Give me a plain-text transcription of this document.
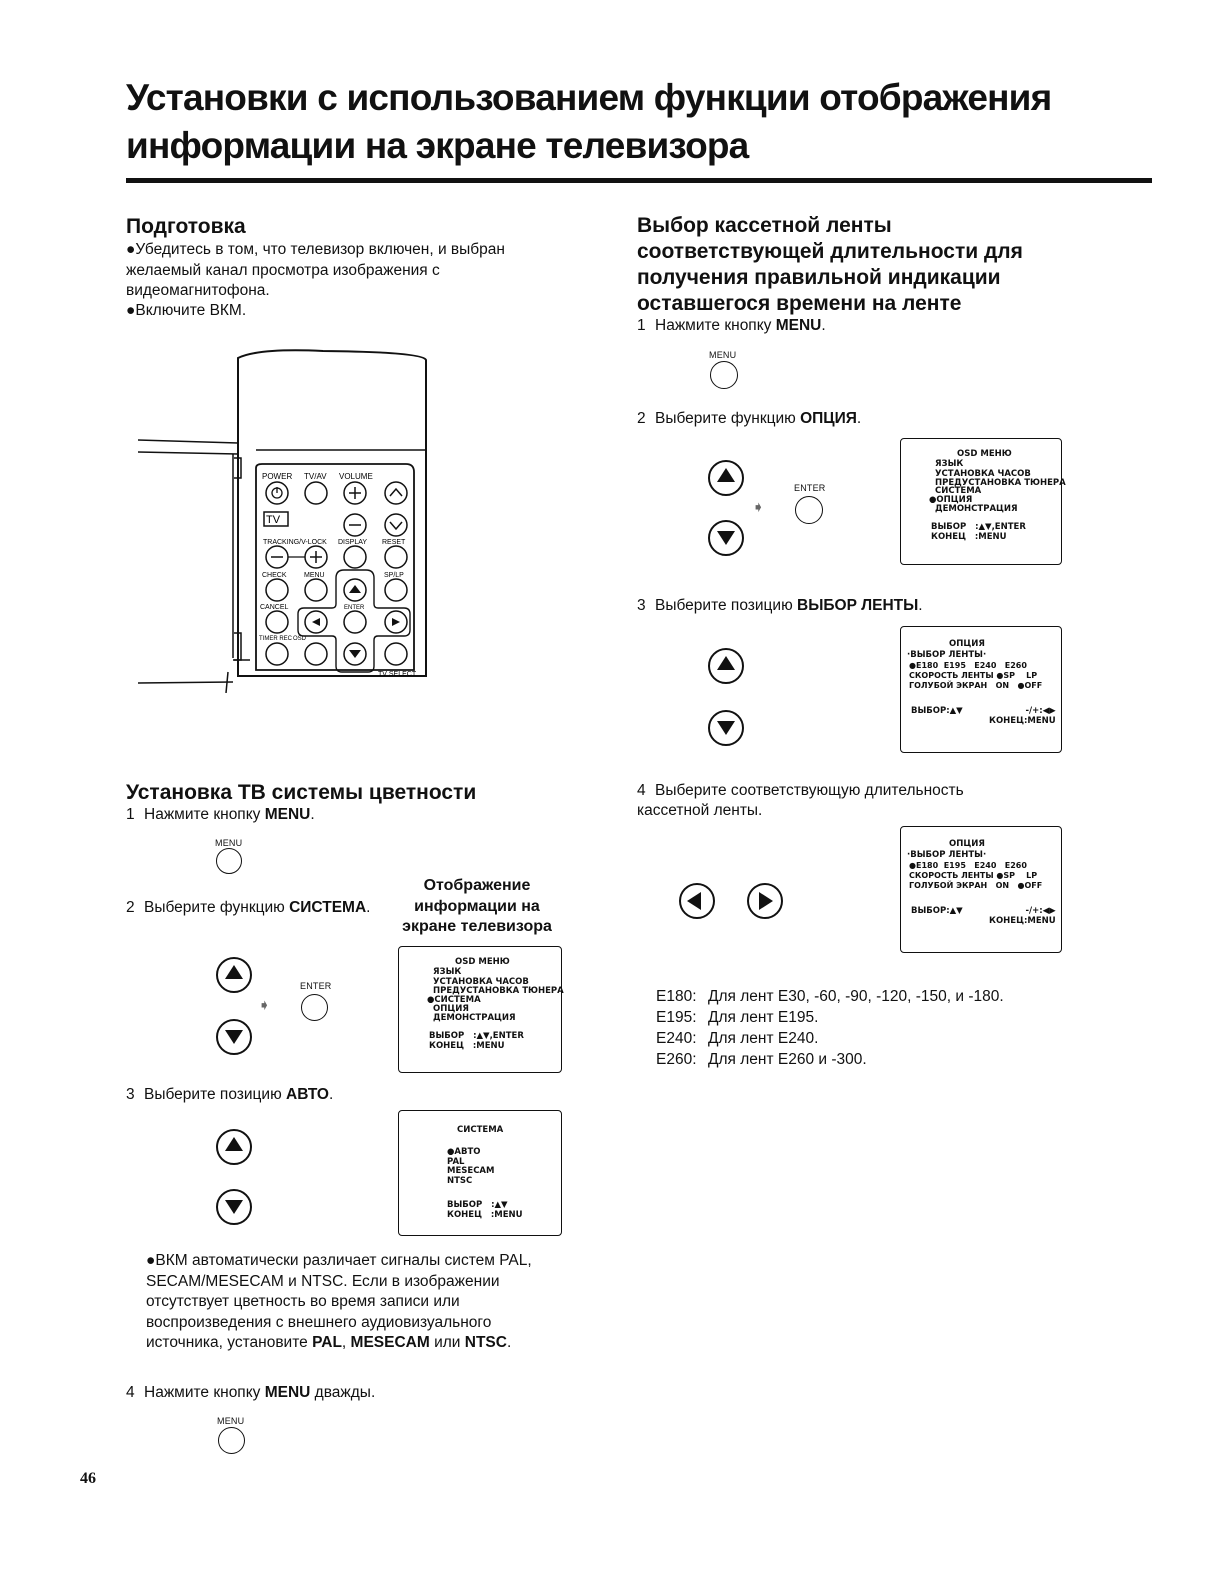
Установки с использованием функции отображения информации на экране телевизора
Подготовка
●Убедитесь в том, что телевизор включен, и выбран желаемый канал просмотра изображения с видеомагнитофона.
●Включите ВКМ.
POWER TV/AV VOLUME
TV
TRACKING/V-LOCK DISPLAY RESET
CHECK MENU	SP/LP
CANCEL	ENTER
TIMER REC OSD
TV SELECT
Установка ТВ системы цветности
1 Нажмите кнопку MENU.
MENU
2 Выберите функцию СИСТЕМА.
Отображение информации на экране телевизора
➧
ENTER
OSD МЕНЮ
ЯЗЫК
УСТАНОВКА ЧАСОВ
ПРЕДУСТАНОВКА ТЮНЕРА
●СИСТЕМА
ОПЦИЯ
ДЕМОНСТРАЦИЯ
ВЫБОР   :▲▼,ENTER
КОНЕЦ   :MENU
3 Выберите позицию АВТО.
СИСТЕМА
●АВТО
PAL
MESECAM
NTSC
ВЫБОР   :▲▼
КОНЕЦ   :MENU
●ВКМ автоматически различает сигналы систем PAL, SECAM/MESECAM и NTSC. Если в изображении отсутствует цветность во время записи или воспроизведения с внешнего аудиовизуального источника, установите PAL, MESECAM или NTSC.
4 Нажмите кнопку MENU дважды.
MENU
Выбор кассетной ленты соответствующей длительности для получения правильной индикации оставшегося времени на ленте
1 Нажмите кнопку MENU.
MENU
2 Выберите функцию ОПЦИЯ.
➧
ENTER
OSD МЕНЮ
ЯЗЫК
УСТАНОВКА ЧАСОВ
ПРЕДУСТАНОВКА ТЮНЕРА
СИСТЕМА
●ОПЦИЯ
ДЕМОНСТРАЦИЯ
ВЫБОР   :▲▼,ENTER
КОНЕЦ   :MENU
3 Выберите позицию ВЫБОР ЛЕНТЫ.
ОПЦИЯ
·ВЫБОР ЛЕНТЫ·
●E180  E195   E240   E260
СКОРОСТЬ ЛЕНТЫ ●SP    LP
ГОЛУБОЙ ЭКРАН   ON   ●OFF
ВЫБОР:▲▼	-/+:◀▶
КОНЕЦ:MENU
4 Выберите соответствующую длительность кассетной ленты.
ОПЦИЯ
·ВЫБОР ЛЕНТЫ·
●E180  E195   E240   E260
СКОРОСТЬ ЛЕНТЫ ●SP    LP
ГОЛУБОЙ ЭКРАН   ON   ●OFF
ВЫБОР:▲▼	-/+:◀▶
КОНЕЦ:MENU
E180: Для лент E30, -60, -90, -120, -150, и -180.
E195: Для лент E195.
E240: Для лент E240.
E260: Для лент E260 и -300.
46
